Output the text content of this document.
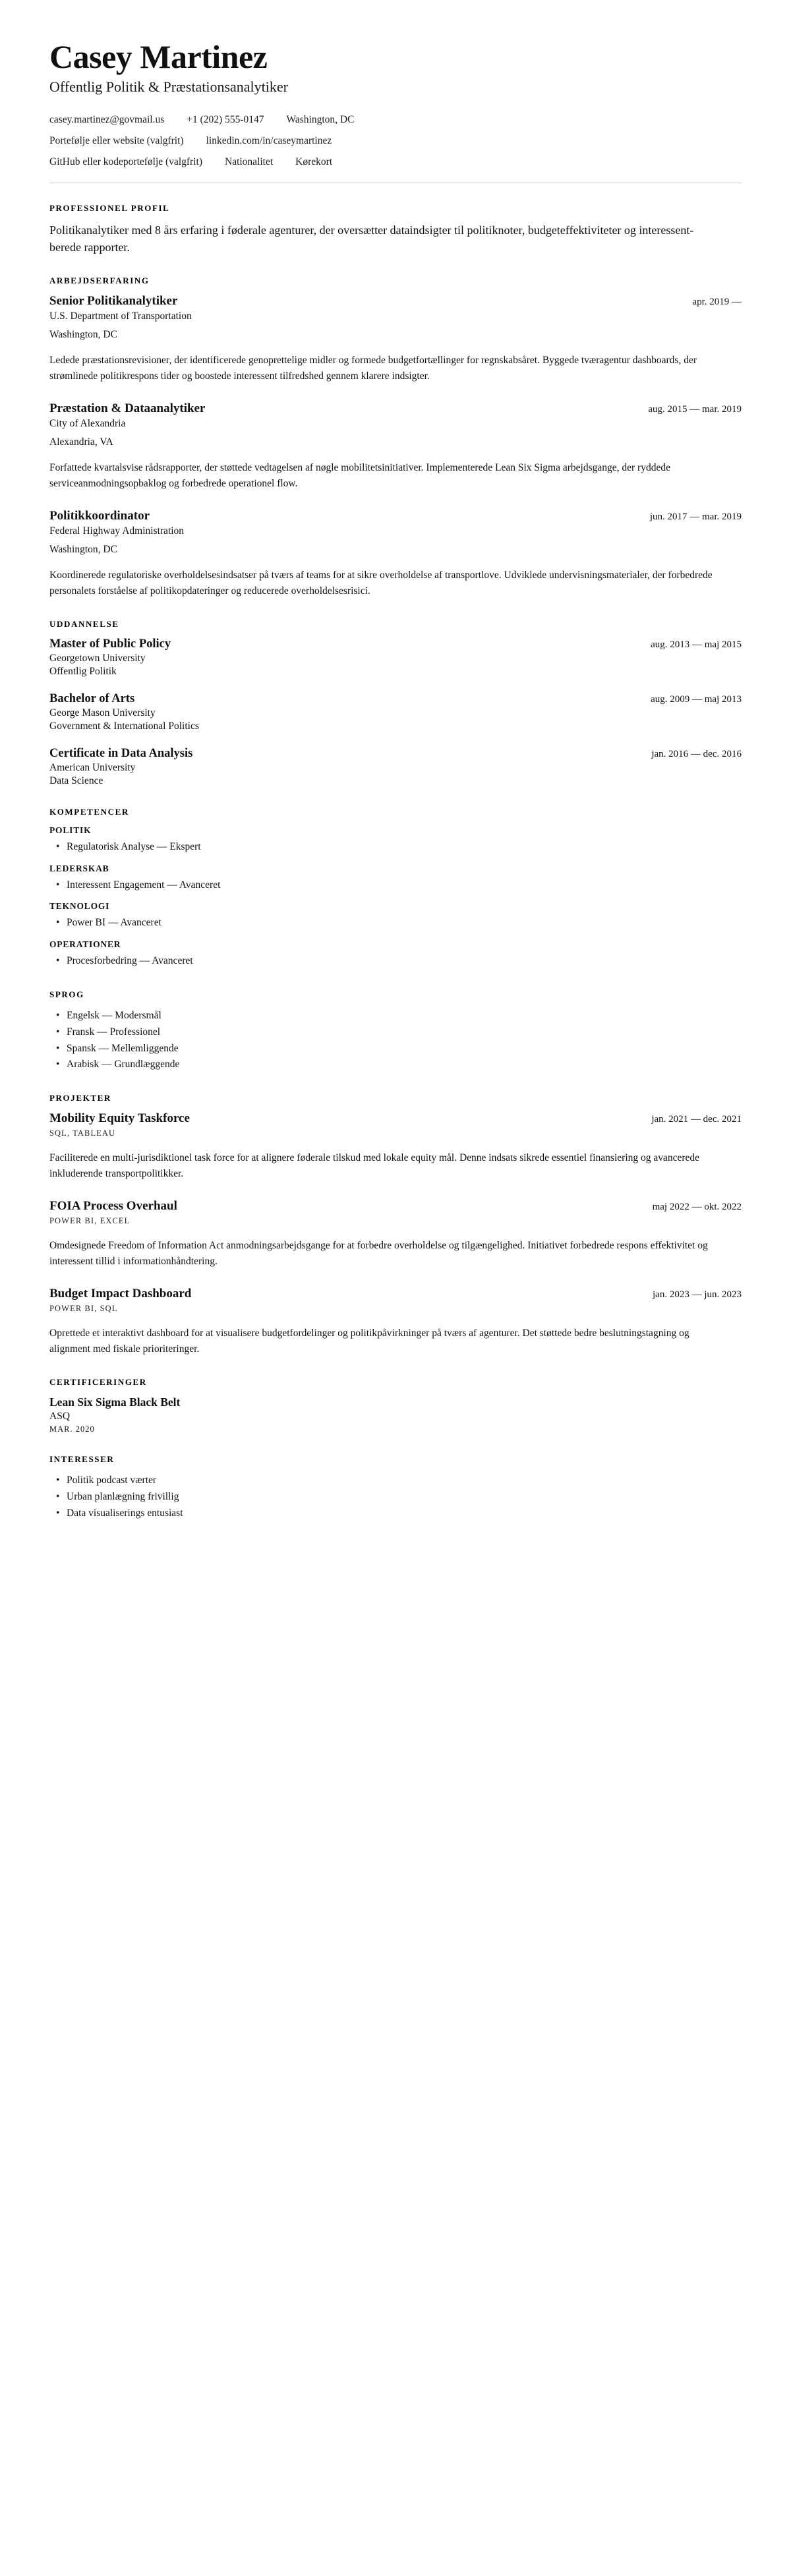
Casey Martinez
Offentlig Politik & Præstationsanalytiker
casey.martinez@govmail.us +1 (202) 555-0147 Washington, DC
Portefølje eller website (valgfrit) linkedin.com/in/caseymartinez
GitHub eller kodeportefølje (valgfrit) Nationalitet Kørekort
PROFESSIONEL PROFIL

Politikanalytiker med 8 års erfaring i føderale agenturer, der oversætter dataindsigter til politiknoter, budgeteffektiviteter og interessent-berede rapporter.

ARBEJDSERFARING
Senior Politikanalytiker	apr. 2019 —

U.S. Department of Transportation

Washington, DC

Ledede præstationsrevisioner, der identificerede genoprettelige midler og formede budgetfortællinger for regnskabsåret. Byggede tværagentur dashboards, der strømlinede politikrespons tider og boostede interessent tilfredshed gennem klarere indsigter.

Præstation & Dataanalytiker	aug. 2015 — mar. 2019

City of Alexandria

Alexandria, VA

Forfattede kvartalsvise rådsrapporter, der støttede vedtagelsen af nøgle mobilitetsinitiativer. Implementerede Lean Six Sigma arbejdsgange, der ryddede serviceanmodningsopbaklog og forbedrede operationel flow.

Politikkoordinator	jun. 2017 — mar. 2019

Federal Highway Administration

Washington, DC

Koordinerede regulatoriske overholdelsesindsatser på tværs af teams for at sikre overholdelse af transportlove. Udviklede undervisningsmaterialer, der forbedrede personalets forståelse af politikopdateringer og reducerede overholdelsesrisici.

UDDANNELSE
Master of Public Policy	aug. 2013 — maj 2015

Georgetown University

Offentlig Politik

Bachelor of Arts	aug. 2009 — maj 2013

George Mason University

Government & International Politics

Certificate in Data Analysis	jan. 2016 — dec. 2016

American University

Data Science

KOMPETENCER
POLITIK
• Regulatorisk Analyse — Ekspert
LEDERSKAB
• Interessent Engagement — Avanceret
TEKNOLOGI
• Power BI — Avanceret
OPERATIONER
• Procesforbedring — Avanceret
SPROG
• Engelsk — Modersmål
• Fransk — Professionel
• Spansk — Mellemliggende
• Arabisk — Grundlæggende
PROJEKTER
Mobility Equity Taskforce	jan. 2021 — dec. 2021

SQL, TABLEAU

Faciliterede en multi-jurisdiktionel task force for at alignere føderale tilskud med lokale equity mål. Denne indsats sikrede essentiel finansiering og avancerede inkluderende transportpolitikker.

FOIA Process Overhaul	maj 2022 — okt. 2022

POWER BI, EXCEL

Omdesignede Freedom of Information Act anmodningsarbejdsgange for at forbedre overholdelse og tilgængelighed. Initiativet forbedrede respons effektivitet og interessent tillid i informationhåndtering.

Budget Impact Dashboard	jan. 2023 — jun. 2023

POWER BI, SQL

Oprettede et interaktivt dashboard for at visualisere budgetfordelinger og politikpåvirkninger på tværs af agenturer. Det støttede bedre beslutningstagning og alignment med fiskale prioriteringer.

CERTIFICERINGER

Lean Six Sigma Black Belt

ASQ

MAR. 2020

INTERESSER
• Politik podcast værter
• Urban planlægning frivillig
• Data visualiserings entusiast
